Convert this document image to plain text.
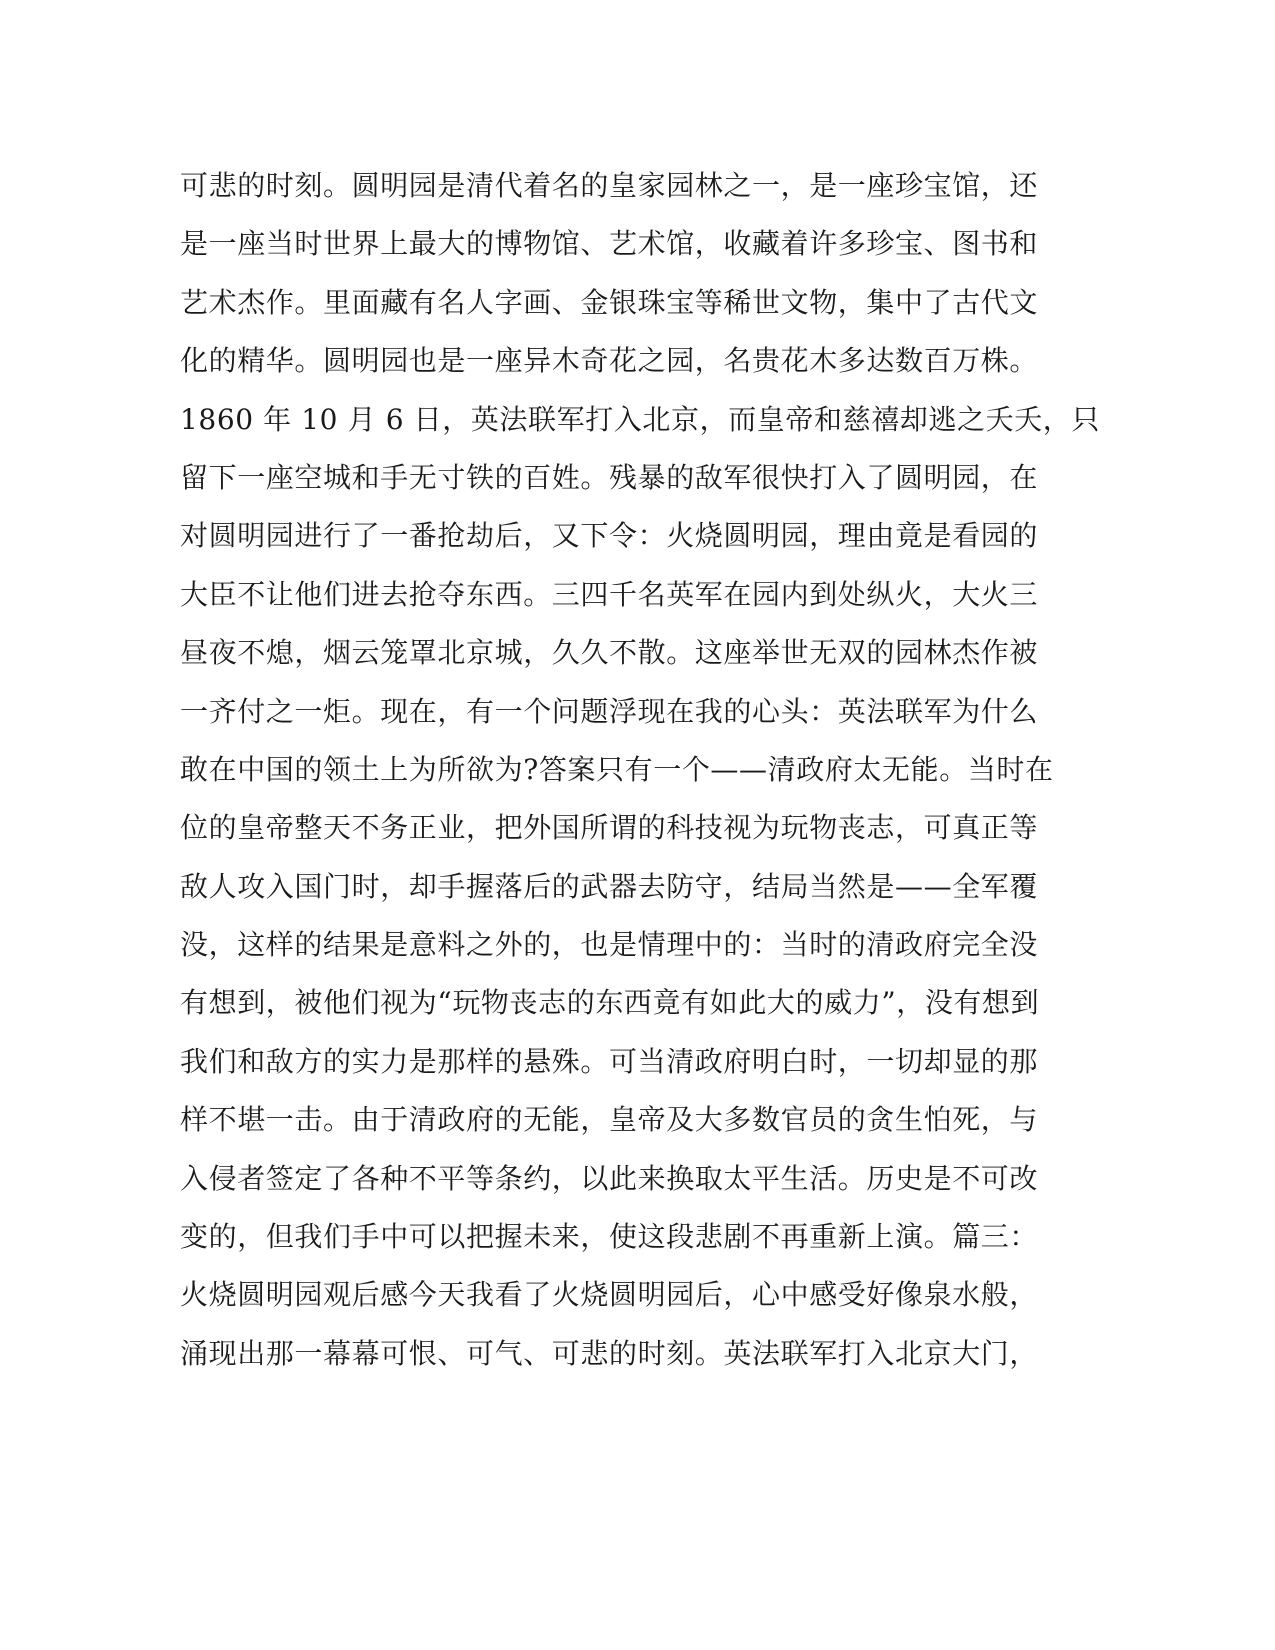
可悲的时刻。圆明园是清代着名的皇家园林之一，是一座珍宝馆，还
是一座当时世界上最大的博物馆、艺术馆，收藏着许多珍宝、图书和
艺术杰作。里面藏有名人字画、金银珠宝等稀世文物，集中了古代文
化的精华。圆明园也是一座异木奇花之园，名贵花木多达数百万株。
1860 年 10 月 6 日，英法联军打入北京，而皇帝和慈禧却逃之夭夭，只
留下一座空城和手无寸铁的百姓。残暴的敌军很快打入了圆明园，在
对圆明园进行了一番抢劫后，又下令：火烧圆明园，理由竟是看园的
大臣不让他们进去抢夺东西。三四千名英军在园内到处纵火，大火三
昼夜不熄，烟云笼罩北京城，久久不散。这座举世无双的园林杰作被
一齐付之一炬。现在，有一个问题浮现在我的心头：英法联军为什么
敢在中国的领土上为所欲为?答案只有一个——清政府太无能。当时在
位的皇帝整天不务正业，把外国所谓的科技视为玩物丧志，可真正等
敌人攻入国门时，却手握落后的武器去防守，结局当然是——全军覆
没，这样的结果是意料之外的，也是情理中的：当时的清政府完全没
有想到，被他们视为“玩物丧志的东西竟有如此大的威力”，没有想到
我们和敌方的实力是那样的悬殊。可当清政府明白时，一切却显的那
样不堪一击。由于清政府的无能，皇帝及大多数官员的贪生怕死，与
入侵者签定了各种不平等条约，以此来换取太平生活。历史是不可改
变的，但我们手中可以把握未来，使这段悲剧不再重新上演。篇三：
火烧圆明园观后感今天我看了火烧圆明园后，心中感受好像泉水般，
涌现出那一幕幕可恨、可气、可悲的时刻。英法联军打入北京大门，
